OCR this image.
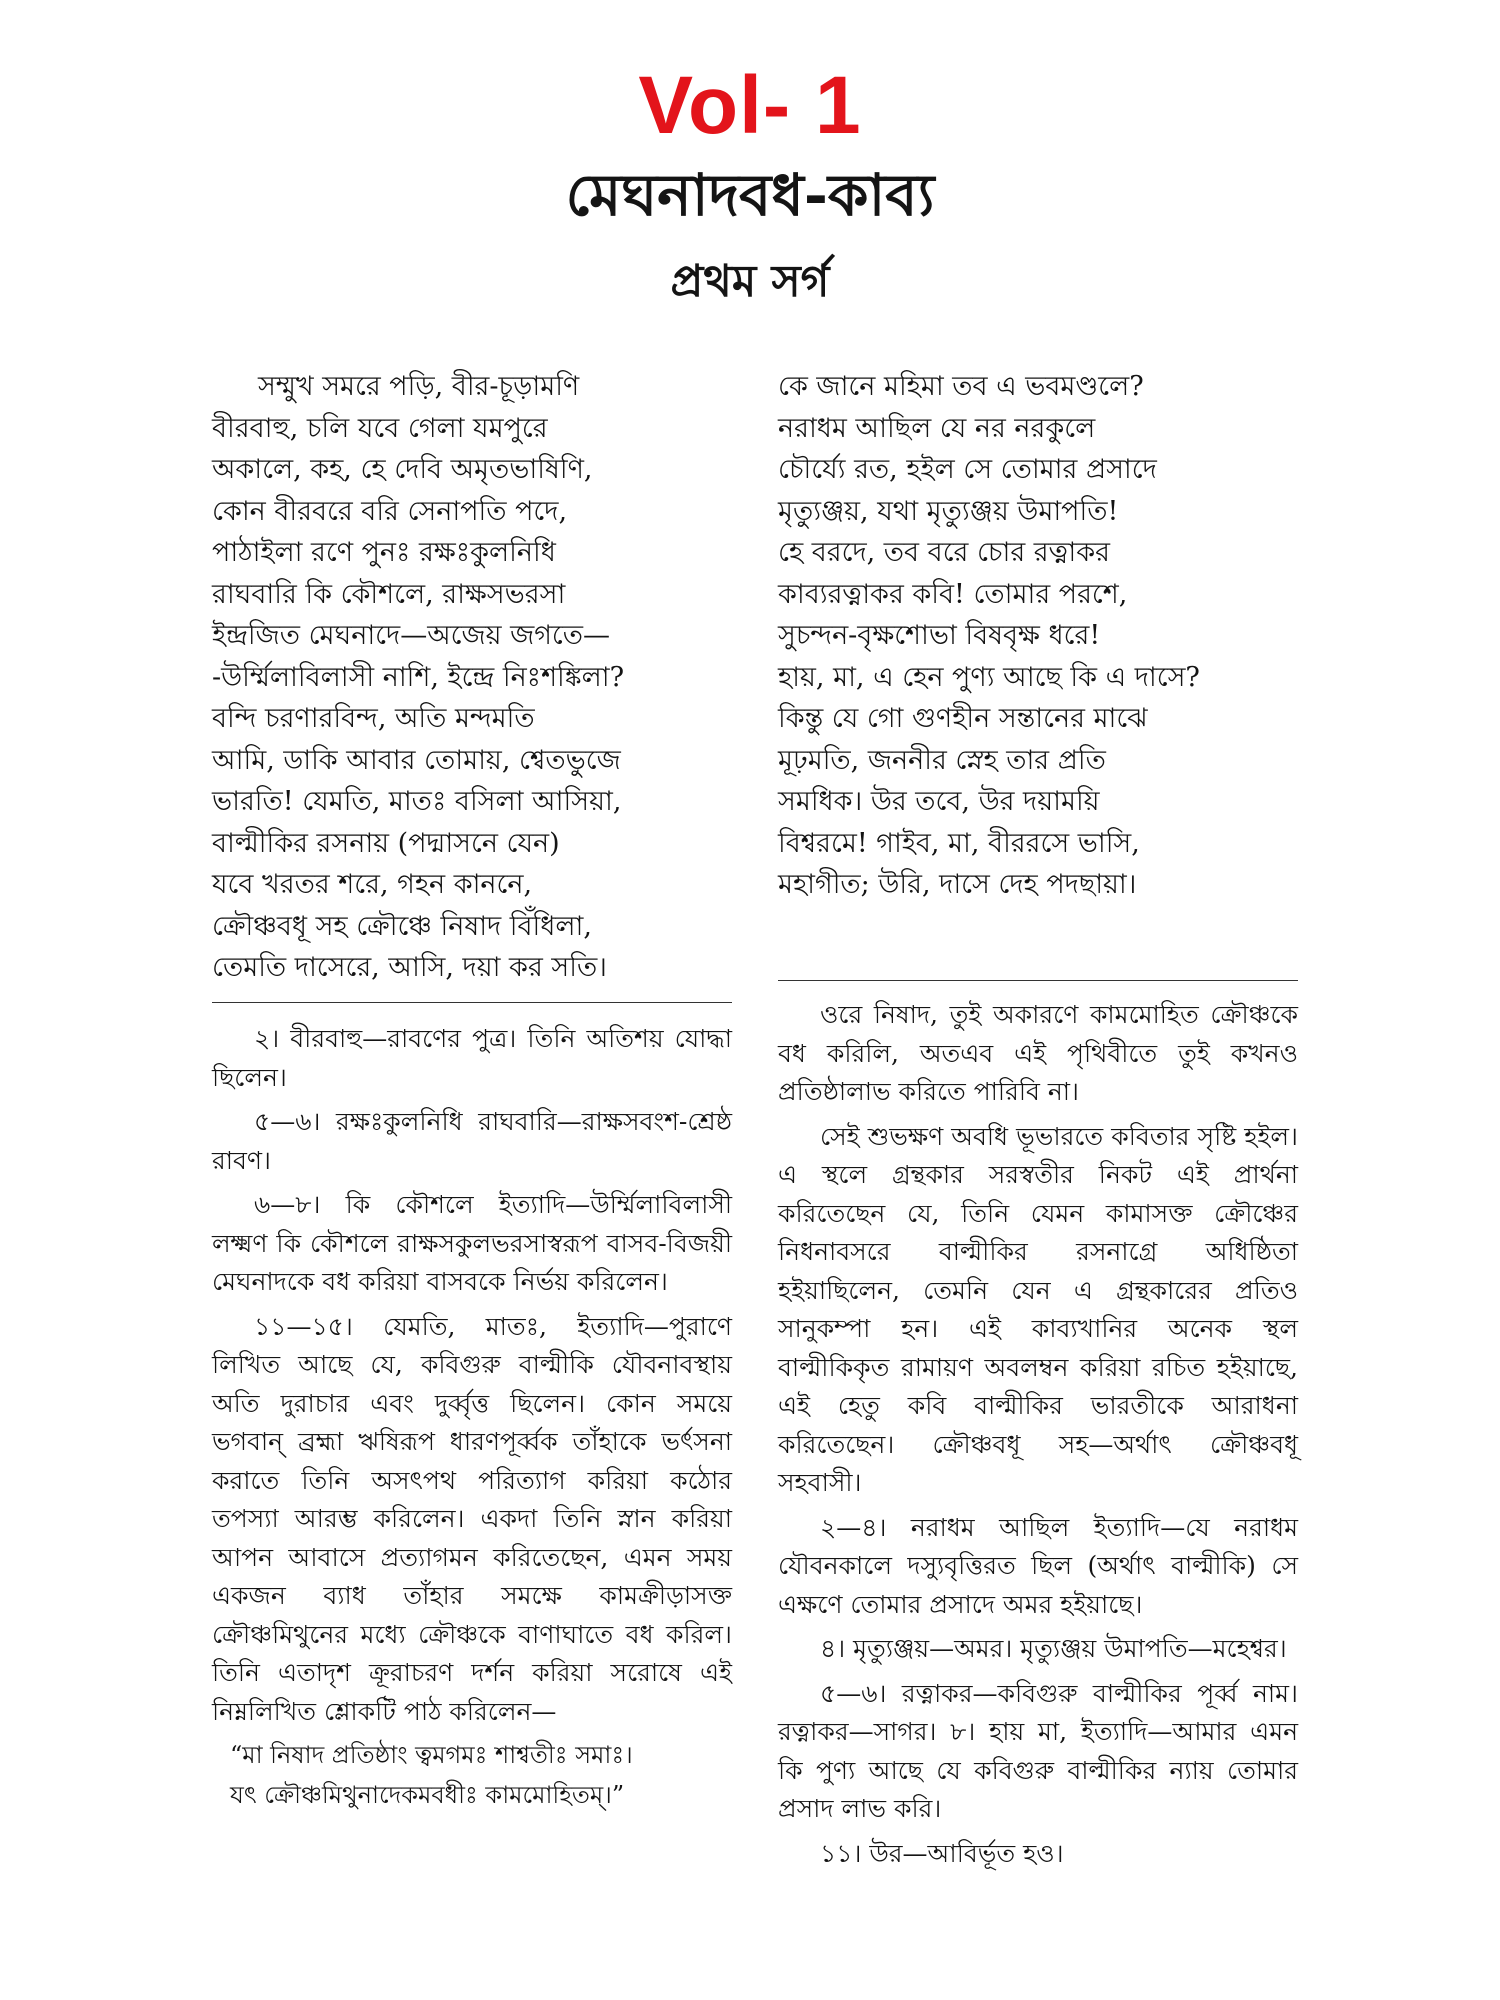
Vol- 1
মেঘনাদবধ-কাব্য
প্রথম সর্গ
সম্মুখ সমরে পড়ি, বীর-চূড়ামণি
বীরবাহু, চলি যবে গেলা যমপুরে
অকালে, কহ, হে দেবি অমৃতভাষিণি,
কোন বীরবরে বরি সেনাপতি পদে,
পাঠাইলা রণে পুনঃ রক্ষঃকুলনিধি
রাঘবারি কি কৌশলে, রাক্ষসভরসা
ইন্দ্রজিত মেঘনাদে—অজেয় জগতে—
-উর্ম্মিলাবিলাসী নাশি, ইন্দ্রে নিঃশঙ্কিলা?
বন্দি চরণারবিন্দ, অতি মন্দমতি
আমি, ডাকি আবার তোমায়, শ্বেতভুজে
ভারতি! যেমতি, মাতঃ বসিলা আসিয়া,
বাল্মীকির রসনায় (পদ্মাসনে যেন)
যবে খরতর শরে, গহন কাননে,
ক্রৌঞ্চবধূ সহ ক্রৌঞ্চে নিষাদ বিঁধিলা,
তেমতি দাসেরে, আসি, দয়া কর সতি।
কে জানে মহিমা তব এ ভবমণ্ডলে?
নরাধম আছিল যে নর নরকুলে
চৌর্য্যে রত, হইল সে তোমার প্রসাদে
মৃত্যুঞ্জয়, যথা মৃত্যুঞ্জয় উমাপতি!
হে বরদে, তব বরে চোর রত্নাকর
কাব্যরত্নাকর কবি! তোমার পরশে,
সুচন্দন-বৃক্ষশোভা বিষবৃক্ষ ধরে!
হায়, মা, এ হেন পুণ্য আছে কি এ দাসে?
কিন্তু যে গো গুণহীন সন্তানের মাঝে
মূঢ়মতি, জননীর স্নেহ তার প্রতি
সমধিক। উর তবে, উর দয়াময়ি
বিশ্বরমে! গাইব, মা, বীররসে ভাসি,
মহাগীত; উরি, দাসে দেহ পদছায়া।

২। বীরবাহু—রাবণের পুত্র। তিনি অতিশয় যোদ্ধা ছিলেন।

৫—৬। রক্ষঃকুলনিধি রাঘবারি—রাক্ষসবংশ-শ্রেষ্ঠ রাবণ।

৬—৮। কি কৌশলে ইত্যাদি—উর্ম্মিলাবিলাসী লক্ষ্মণ কি কৌশলে রাক্ষসকুলভরসাস্বরূপ বাসব-বিজয়ী মেঘনাদকে বধ করিয়া বাসবকে নির্ভয় করিলেন।

১১—১৫। যেমতি, মাতঃ, ইত্যাদি—পুরাণে লিখিত আছে যে, কবিগুরু বাল্মীকি যৌবনাবস্থায় অতি দুরাচার এবং দুর্ব্বৃত্ত ছিলেন। কোন সময়ে ভগবান্ ব্রহ্মা ঋষিরূপ ধারণপূর্ব্বক তাঁহাকে ভর্ৎসনা করাতে তিনি অসৎপথ পরিত্যাগ করিয়া কঠোর তপস্যা আরম্ভ করিলেন। একদা তিনি স্নান করিয়া আপন আবাসে প্রত্যাগমন করিতেছেন, এমন সময় একজন ব্যাধ তাঁহার সমক্ষে কামক্রীড়াসক্ত ক্রৌঞ্চমিথুনের মধ্যে ক্রৌঞ্চকে বাণাঘাতে বধ করিল। তিনি এতাদৃশ ক্রূরাচরণ দর্শন করিয়া সরোষে এই নিম্নলিখিত শ্লোকটি পাঠ করিলেন—

“মা নিষাদ প্রতিষ্ঠাং ত্বমগমঃ শাশ্বতীঃ সমাঃ।
যৎ ক্রৌঞ্চমিথুনাদেকমবধীঃ কামমোহিতম্।”

ওরে নিষাদ, তুই অকারণে কামমোহিত ক্রৌঞ্চকে বধ করিলি, অতএব এই পৃথিবীতে তুই কখনও প্রতিষ্ঠালাভ করিতে পারিবি না।

সেই শুভক্ষণ অবধি ভূভারতে কবিতার সৃষ্টি হইল। এ স্থলে গ্রন্থকার সরস্বতীর নিকট এই প্রার্থনা করিতেছেন যে, তিনি যেমন কামাসক্ত ক্রৌঞ্চের নিধনাবসরে বাল্মীকির রসনাগ্রে অধিষ্ঠিতা হইয়াছিলেন, তেমনি যেন এ গ্রন্থকারের প্রতিও সানুকম্পা হন। এই কাব্যখানির অনেক স্থল বাল্মীকিকৃত রামায়ণ অবলম্বন করিয়া রচিত হইয়াছে, এই হেতু কবি বাল্মীকির ভারতীকে আরাধনা করিতেছেন। ক্রৌঞ্চবধূ সহ—অর্থাৎ ক্রৌঞ্চবধূ সহবাসী।

২—৪। নরাধম আছিল ইত্যাদি—যে নরাধম যৌবনকালে দস্যুবৃত্তিরত ছিল (অর্থাৎ বাল্মীকি) সে এক্ষণে তোমার প্রসাদে অমর হইয়াছে।

৪। মৃত্যুঞ্জয়—অমর। মৃত্যুঞ্জয় উমাপতি—মহেশ্বর।

৫—৬। রত্নাকর—কবিগুরু বাল্মীকির পূর্ব্ব নাম। রত্নাকর—সাগর। ৮। হায় মা, ইত্যাদি—আমার এমন কি পুণ্য আছে যে কবিগুরু বাল্মীকির ন্যায় তোমার প্রসাদ লাভ করি।

১১। উর—আবির্ভূত হও।
